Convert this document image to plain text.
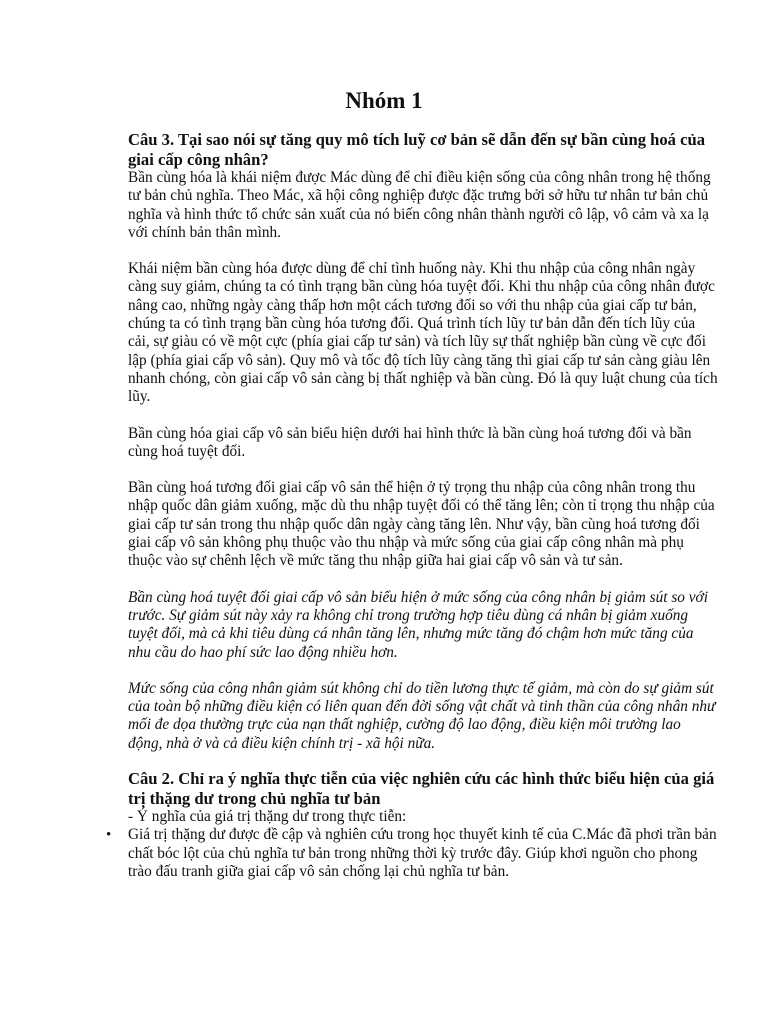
Nhóm 1

Câu 3. Tại sao nói sự tăng quy mô tích luỹ cơ bản sẽ dẫn đến sự bần cùng hoá của giai cấp công nhân?

Bần cùng hóa là khái niệm được Mác dùng để chỉ điều kiện sống của công nhân trong hệ thống tư bản chủ nghĩa. Theo Mác, xã hội công nghiệp được đặc trưng bởi sở hữu tư nhân tư bản chủ nghĩa và hình thức tổ chức sản xuất của nó biến công nhân thành người cô lập, vô cảm và xa lạ với chính bản thân mình.

Khái niệm bần cùng hóa được dùng để chỉ tình huống này. Khi thu nhập của công nhân ngày càng suy giảm, chúng ta có tình trạng bần cùng hóa tuyệt đối. Khi thu nhập của công nhân được nâng cao, những ngày càng thấp hơn một cách tương đối so với thu nhập của giai cấp tư bản, chúng ta có tình trạng bần cùng hóa tương đối. Quá trình tích lũy tư bản dẫn đến tích lũy của cải, sự giàu có về một cực (phía giai cấp tư sản) và tích lũy sự thất nghiệp bần cùng về cực đối lập (phía giai cấp vô sản). Quy mô và tốc độ tích lũy càng tăng thì giai cấp tư sản càng giàu lên nhanh chóng, còn giai cấp vô sản càng bị thất nghiệp và bần cùng. Đó là quy luật chung của tích lũy.

Bần cùng hóa giai cấp vô sản biểu hiện dưới hai hình thức là bần cùng hoá tương đối và bần cùng hoá tuyệt đối.

Bần cùng hoá tương đối giai cấp vô sản thể hiện ở tỷ trọng thu nhập của công nhân trong thu nhập quốc dân giảm xuống, mặc dù thu nhập tuyệt đối có thể tăng lên; còn tỉ trọng thu nhập của giai cấp tư sản trong thu nhập quốc dân ngày càng tăng lên. Như vậy, bần cùng hoá tương đối giai cấp vô sản không phụ thuộc vào thu nhập và mức sống của giai cấp công nhân mà phụ thuộc vào sự chênh lệch về mức tăng thu nhập giữa hai giai cấp vô sản và tư sản.

Bần cùng hoá tuyệt đối giai cấp vô sản biểu hiện ở mức sống của công nhân bị giảm sút so với trước. Sự giảm sút này xảy ra không chỉ trong trường hợp tiêu dùng cá nhân bị giảm xuống tuyệt đối, mà cả khi tiêu dùng cá nhân tăng lên, nhưng mức tăng đó chậm hơn mức tăng của nhu cầu do hao phí sức lao động nhiều hơn.

Mức sống của công nhân giảm sút không chỉ do tiền lương thực tế giảm, mà còn do sự giảm sút của toàn bộ những điều kiện có liên quan đến đời sống vật chất và tinh thần của công nhân như mối đe dọa thường trực của nạn thất nghiệp, cường độ lao động, điều kiện môi trường lao động, nhà ở và cả điều kiện chính trị - xã hội nữa.

Câu 2. Chỉ ra ý nghĩa thực tiễn của việc nghiên cứu các hình thức biểu hiện của giá trị thặng dư trong chủ nghĩa tư bản

- Ý nghĩa của giá trị thặng dư trong thực tiễn:

• Giá trị thặng dư được đề cập và nghiên cứu trong học thuyết kinh tế của C.Mác đã phơi trần bản chất bóc lột của chủ nghĩa tư bản trong những thời kỳ trước đây. Giúp khơi nguồn cho phong trào đấu tranh giữa giai cấp vô sản chống lại chủ nghĩa tư bản.
